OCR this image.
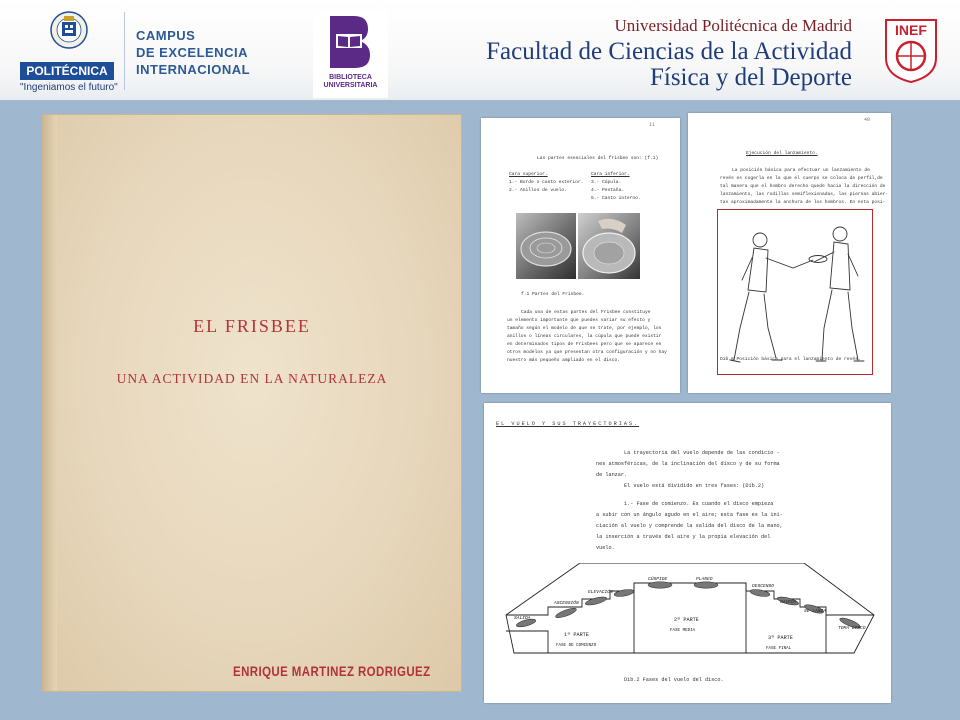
POLITÉCNICA
"Ingeniamos el futuro"
CAMPUS
DE EXCELENCIA
INTERNACIONAL
BIBLIOTECA
UNIVERSITARIA
Universidad Politécnica de Madrid
Facultad de Ciencias de la Actividad
Física y del Deporte
INEF
EL FRISBEE
UNA ACTIVIDAD EN LA NATURALEZA
ENRIQUE MARTINEZ RODRIGUEZ
11
Las partes esenciales del frisbee son: (f.1)
Cara superior.
1.- Borde o canto exterior.
2.- Anillos de vuelo.
Cara inferior.
3.- Cúpula.
4.- Pestaña.
5.- Canto interno.
f.1 Partes del Frisbee.
Cada una de estas partes del Frisbee constituye
un elemento importante que puedes variar su efecto y
tamaño según el modelo de que se trate, por ejemplo, los
anillos o líneas circulares, la cúpula que puede existir
en determinados tipos de Frisbees pero que se aparece en
otros modelos ya que presentan otra configuración y no hay
nuestro más pequeño ampliado en el disco.
40
Ejecución del lanzamiento.
La posición básica para efectuar un lanzamiento de
revés es cogerla en la que el cuerpo se coloca de perfil,de
tal manera que el hombro derecho quede hacia la dirección de
lanzamiento, las rodillas semiflexionadas, las piernas abier-
tas aproximadamente la anchura de los hombros. En esta posi-
Dib.8 Posición básica para el lanzamiento de revés.
EL VUELO Y SUS TRAYECTORIAS.
La trayectoria del vuelo depende de las condicio -
nes atmosféricas, de la inclinación del disco y de su forma
de lanzar.
El vuelo está dividido en tres fases: (Dib.2)
1.- Fase de comienzo. Es cuando el disco empieza
a subir con un ángulo agudo en el aire; esta fase es la ini-
ciación al vuelo y comprende la salida del disco de la mano,
la inserción a través del aire y la propia elevación del
vuelo.
SALIDA
ASCENSIÓN
ELEVACIÓN
CÚSPIDE	PLANEO
DESCENSO
NAVEGA
SE LANZA
TOMA DISCO
1ª PARTE
FASE DE COMIENZO
2ª PARTE
FASE MEDIA
3ª PARTE
FASE FINAL
Dib.2 Fases del vuelo del disco.
